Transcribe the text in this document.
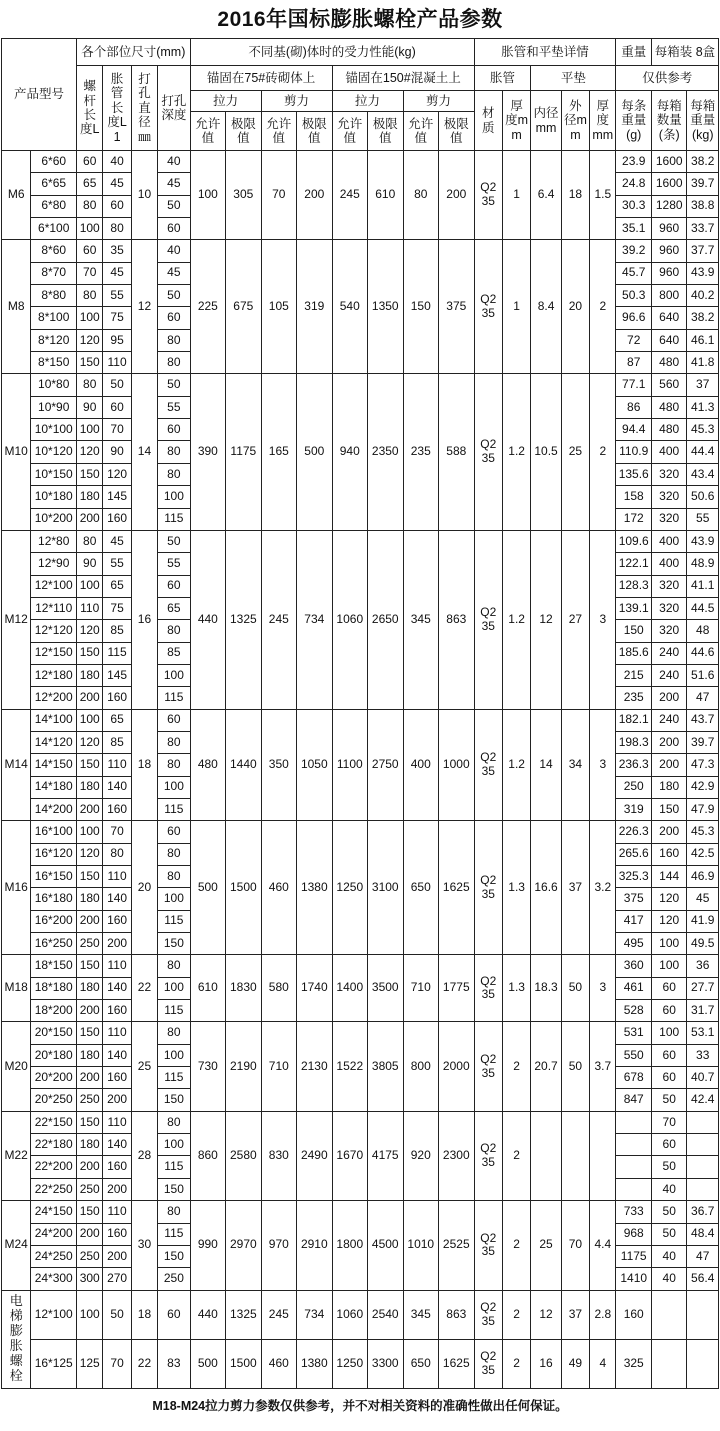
2016年国标膨胀螺栓产品参数
产品型号		各个部位尺寸(mm)				不同基(砌)体时的受力性能(kg)								胀管和平垫详情					重量	每箱装 8盒	
		螺杆长度L	胀管长度L1	打孔直径㎜	打孔深度	锚固在75#砖砌体上				锚固在150#混凝土上				胀管		平垫			仅供参考		
						拉力		剪力		拉力		剪力		材质	厚度mm	内径mm	外径mm	厚度mm	每条重量(g)	每箱数量(条)	每箱重量(kg)
						允许值	极限值	允许值	极限值	允许值	极限值	允许值	极限值								
M6	6*60	60	40	10	40	100	305	70	200	245	610	80	200	Q235	1	6.4	18	1.5	23.9	1600	38.2
	6*65	65	45		45														24.8	1600	39.7
	6*80	80	60		50														30.3	1280	38.8
	6*100	100	80		60														35.1	960	33.7
M8	8*60	60	35	12	40	225	675	105	319	540	1350	150	375	Q235	1	8.4	20	2	39.2	960	37.7
	8*70	70	45		45														45.7	960	43.9
	8*80	80	55		50														50.3	800	40.2
	8*100	100	75		60														96.6	640	38.2
	8*120	120	95		80														72	640	46.1
	8*150	150	110		80														87	480	41.8
M10	10*80	80	50	14	50	390	1175	165	500	940	2350	235	588	Q235	1.2	10.5	25	2	77.1	560	37
	10*90	90	60		55														86	480	41.3
	10*100	100	70		60														94.4	480	45.3
	10*120	120	90		80														110.9	400	44.4
	10*150	150	120		80														135.6	320	43.4
	10*180	180	145		100														158	320	50.6
	10*200	200	160		115														172	320	55
M12	12*80	80	45	16	50	440	1325	245	734	1060	2650	345	863	Q235	1.2	12	27	3	109.6	400	43.9
	12*90	90	55		55														122.1	400	48.9
	12*100	100	65		60														128.3	320	41.1
	12*110	110	75		65														139.1	320	44.5
	12*120	120	85		80														150	320	48
	12*150	150	115		85														185.6	240	44.6
	12*180	180	145		100														215	240	51.6
	12*200	200	160		115														235	200	47
M14	14*100	100	65	18	60	480	1440	350	1050	1100	2750	400	1000	Q235	1.2	14	34	3	182.1	240	43.7
	14*120	120	85		80														198.3	200	39.7
	14*150	150	110		80														236.3	200	47.3
	14*180	180	140		100														250	180	42.9
	14*200	200	160		115														319	150	47.9
M16	16*100	100	70	20	60	500	1500	460	1380	1250	3100	650	1625	Q235	1.3	16.6	37	3.2	226.3	200	45.3
	16*120	120	80		80														265.6	160	42.5
	16*150	150	110		80														325.3	144	46.9
	16*180	180	140		100														375	120	45
	16*200	200	160		115														417	120	41.9
	16*250	250	200		150														495	100	49.5
M18	18*150	150	110	22	80	610	1830	580	1740	1400	3500	710	1775	Q235	1.3	18.3	50	3	360	100	36
	18*180	180	140		100														461	60	27.7
	18*200	200	160		115														528	60	31.7
M20	20*150	150	110	25	80	730	2190	710	2130	1522	3805	800	2000	Q235	2	20.7	50	3.7	531	100	53.1
	20*180	180	140		100														550	60	33
	20*200	200	160		115														678	60	40.7
	20*250	250	200		150														847	50	42.4
M22	22*150	150	110	28	80	860	2580	830	2490	1670	4175	920	2300	Q235	2					70	
	22*180	180	140		100															60	
	22*200	200	160		115															50	
	22*250	250	200		150															40	
M24	24*150	150	110	30	80	990	2970	970	2910	1800	4500	1010	2525	Q235	2	25	70	4.4	733	50	36.7
	24*200	200	160		115														968	50	48.4
	24*250	250	200		150														1175	40	47
	24*300	300	270		250														1410	40	56.4
电梯膨胀螺栓	12*100	100	50	18	60	440	1325	245	734	1060	2540	345	863	Q235	2	12	37	2.8	160		
	16*125	125	70	22	83	500	1500	460	1380	1250	3300	650	1625	Q235	2	16	49	4	325		
M18-M24拉力剪力参数仅供参考，并不对相关资料的准确性做出任何保证。
